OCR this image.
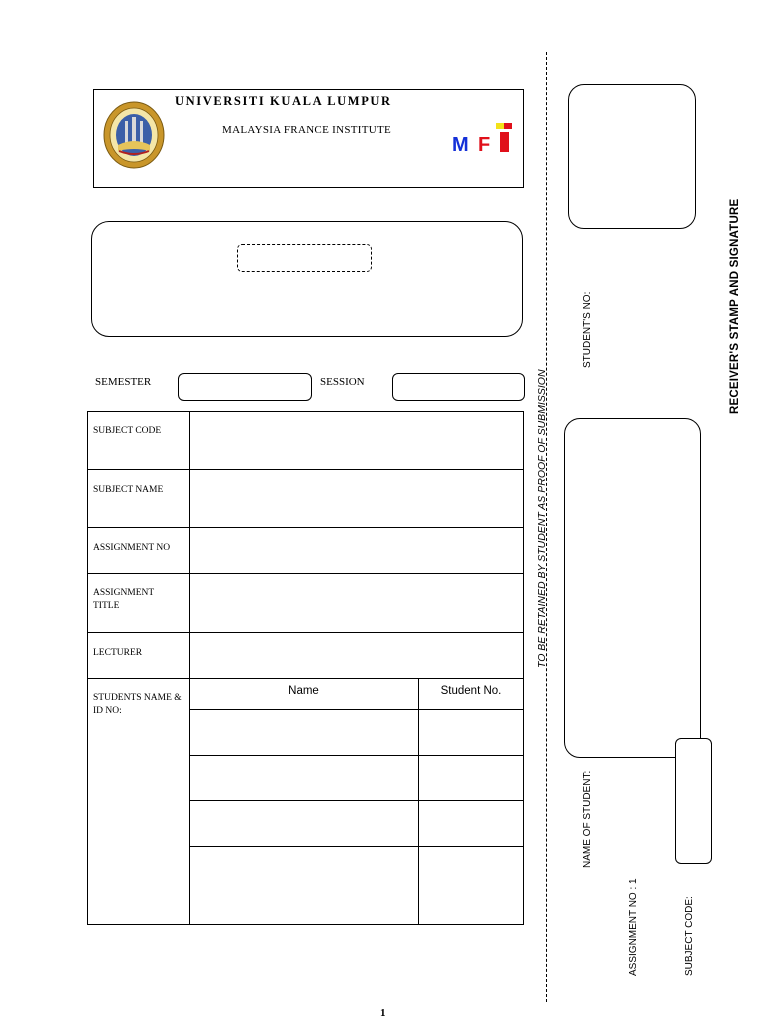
UNIVERSITI KUALA LUMPUR
MALAYSIA FRANCE INSTITUTE
M F
SEMESTER	SESSION
SUBJECT CODE
SUBJECT NAME
ASSIGNMENT NO
ASSIGNMENT TITLE
LECTURER
STUDENTS NAME & ID NO:
Name	Student No.
TO BE RETAINED BY STUDENT AS PROOF OF SUBMISSION
STUDENT'S NO:	RECEIVER'S STAMP AND SIGNATURE
NAME OF STUDENT:
ASSIGNMENT NO : 1	SUBJECT CODE:
1
